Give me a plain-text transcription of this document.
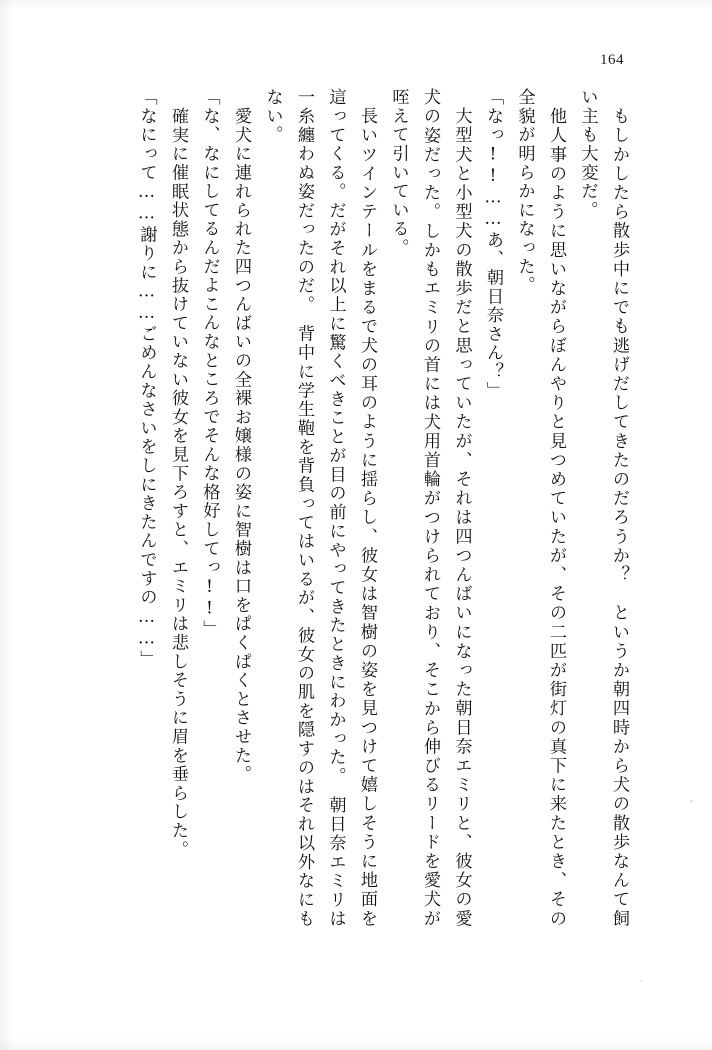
164

もしかしたら散歩中にでも逃げだしてきたのだろうか？　というか朝四時から犬の散歩なんて飼い主も大変だ。

他人事のように思いながらぼんやりと見つめていたが、その二匹が街灯の真下に来たとき、その全貌が明らかになった。

「なっ!!……あ、朝日奈さん？」

大型犬と小型犬の散歩だと思っていたが、それは四つんばいになった朝日奈エミリと、彼女の愛犬の姿だった。しかもエミリの首には犬用首輪がつけられており、そこから伸びるリードを愛犬が咥えて引いている。

長いツインテールをまるで犬の耳のように揺らし、彼女は智樹の姿を見つけて嬉しそうに地面を這ってくる。だがそれ以上に驚くべきことが目の前にやってきたときにわかった。　朝日奈エミリは一糸纏わぬ姿だったのだ。　背中に学生鞄を背負ってはいるが、彼女の肌を隠すのはそれ以外なにもない。

愛犬に連れられた四つんばいの全裸お嬢様の姿に智樹は口をぱくぱくとさせた。

「な、なにしてるんだよこんなところでそんな格好してっ!!」

確実に催眠状態から抜けていない彼女を見下ろすと、エミリは悲しそうに眉を垂らした。

「なにって……謝りに……ごめんなさいをしにきたんですの……」
